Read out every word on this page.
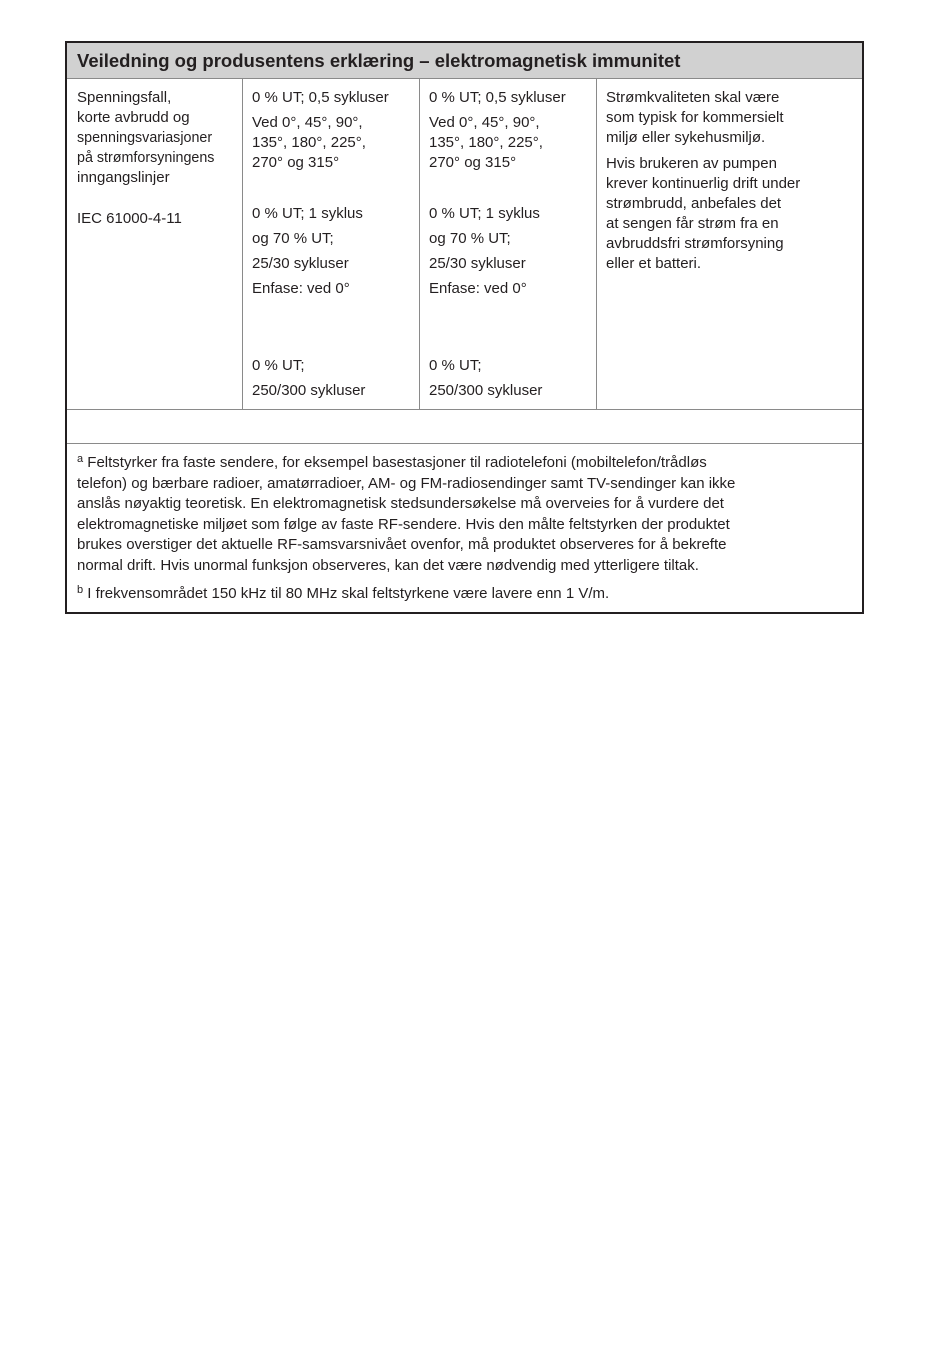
Veiledning og produsentens erklæring – elektromagnetisk immunitet

Spenningsfall,

korte avbrudd og

spenningsvariasjoner

på strømforsyningens

inngangslinjer

IEC 61000-4-11

0 % UT; 0,5 sykluser

Ved 0°, 45°, 90°,

135°, 180°, 225°,

270° og 315°

0 % UT; 1 syklus

og 70 % UT;

25/30 sykluser

Enfase: ved 0°

0 % UT;

250/300 sykluser

0 % UT; 0,5 sykluser

Ved 0°, 45°, 90°,

135°, 180°, 225°,

270° og 315°

0 % UT; 1 syklus

og 70 % UT;

25/30 sykluser

Enfase: ved 0°

0 % UT;

250/300 sykluser

Strømkvaliteten skal være

som typisk for kommersielt

miljø eller sykehusmiljø.

Hvis brukeren av pumpen

krever kontinuerlig drift under

strømbrudd, anbefales det

at sengen får strøm fra en

avbruddsfri strømforsyning

eller et batteri.

$^a$ Feltstyrker fra faste sendere, for eksempel basestasjoner til radiotelefoni (mobiltelefon/trådløs

telefon) og bærbare radioer, amatørradioer, AM- og FM-radiosendinger samt TV-sendinger kan ikke

anslås nøyaktig teoretisk. En elektromagnetisk stedsundersøkelse må overveies for å vurdere det

elektromagnetiske miljøet som følge av faste RF-sendere. Hvis den målte feltstyrken der produktet

brukes overstiger det aktuelle RF-samsvarsnivået ovenfor, må produktet observeres for å bekrefte

normal drift. Hvis unormal funksjon observeres, kan det være nødvendig med ytterligere tiltak.

$^b$ I frekvensområdet 150 kHz til 80 MHz skal feltstyrkene være lavere enn 1 V/m.
